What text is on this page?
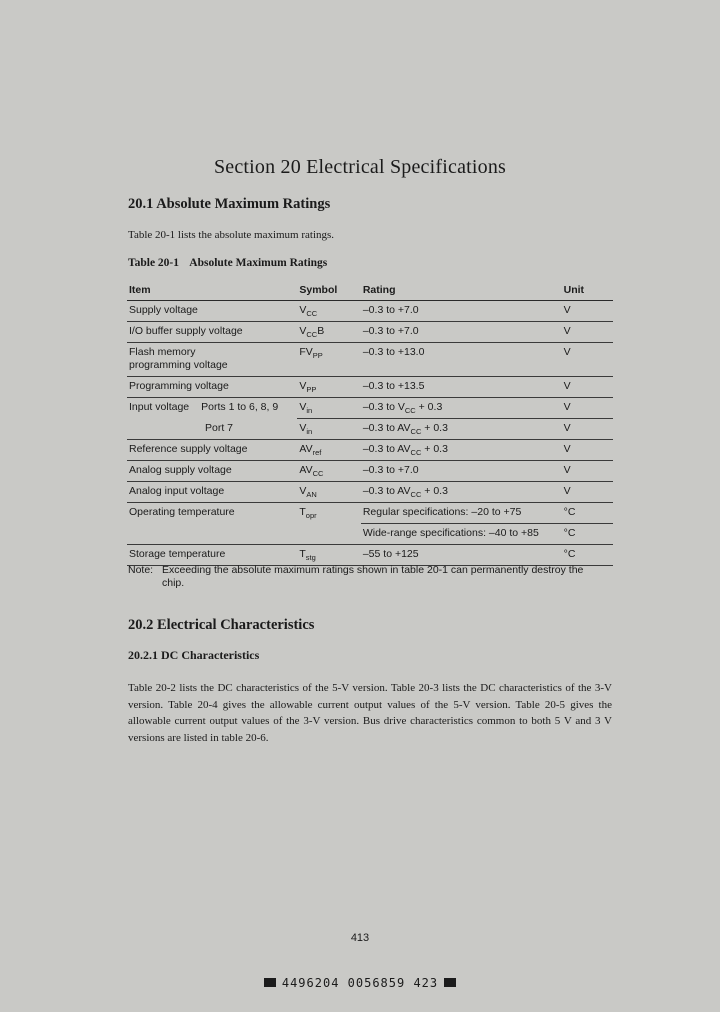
Section 20 Electrical Specifications
20.1 Absolute Maximum Ratings
Table 20-1 lists the absolute maximum ratings.
Table 20-1 Absolute Maximum Ratings
Item	Symbol	Rating	Unit
Supply voltage	$V_{CC}$	–0.3 to +7.0	V
I/O buffer supply voltage	$V_{CC}B$	–0.3 to +7.0	V
Flash memory programming voltage	$FV_{PP}$	–0.3 to +13.0	V
Programming voltage	$V_{PP}$	–0.3 to +13.5	V
Input voltage Ports 1 to 6, 8, 9	$V_{in}$	–0.3 to $V_{CC} + 0.3$	V
Port 7	$V_{in}$	–0.3 to $AV_{CC} + 0.3$	V
Reference supply voltage	$AV_{ref}$	–0.3 to $AV_{CC} + 0.3$	V
Analog supply voltage	$AV_{CC}$	–0.3 to +7.0	V
Analog input voltage	$V_{AN}$	–0.3 to $AV_{CC} + 0.3$	V
Operating temperature	$T_{opr}$	Regular specifications: –20 to +75	°C
		Wide-range specifications: –40 to +85	°C
Storage temperature	$T_{stg}$	–55 to +125	°C
Note: Exceeding the absolute maximum ratings shown in table 20-1 can permanently destroy the chip.
20.2 Electrical Characteristics
20.2.1 DC Characteristics
Table 20-2 lists the DC characteristics of the 5-V version. Table 20-3 lists the DC characteristics of the 3-V version. Table 20-4 gives the allowable current output values of the 5-V version. Table 20-5 gives the allowable current output values of the 3-V version. Bus drive characteristics common to both 5 V and 3 V versions are listed in table 20-6.
413
4496204 0056859 423
